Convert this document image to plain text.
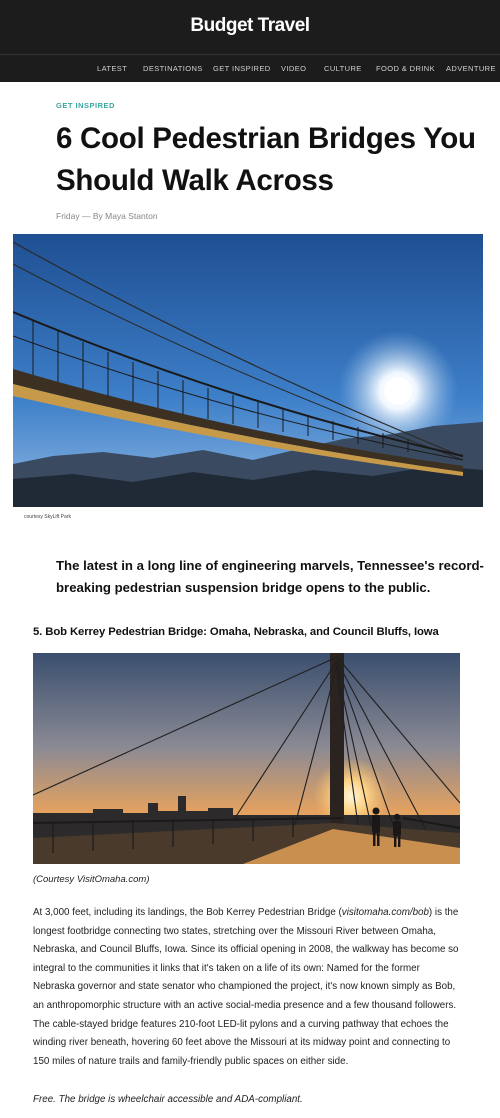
Budget Travel
LATEST DESTINATIONS GET INSPIRED VIDEO CULTURE FOOD & DRINK ADVENTURE
GET INSPIRED
6 Cool Pedestrian Bridges You Should Walk Across
Friday — By Maya Stanton
courtesy SkyLift Park

The latest in a long line of engineering marvels, Tennessee's record-breaking pedestrian suspension bridge opens to the public.

5. Bob Kerrey Pedestrian Bridge: Omaha, Nebraska, and Council Bluffs, Iowa
(Courtesy VisitOmaha.com)

At 3,000 feet, including its landings, the Bob Kerrey Pedestrian Bridge (visitomaha.com/bob) is the longest footbridge connecting two states, stretching over the Missouri River between Omaha, Nebraska, and Council Bluffs, Iowa. Since its official opening in 2008, the walkway has become so integral to the communities it links that it's taken on a life of its own: Named for the former Nebraska governor and state senator who championed the project, it's now known simply as Bob, an anthropomorphic structure with an active social-media presence and a few thousand followers. The cable-stayed bridge features 210-foot LED-lit pylons and a curving pathway that echoes the winding river beneath, hovering 60 feet above the Missouri at its midway point and connecting to 150 miles of nature trails and family-friendly public spaces on either side.

Free. The bridge is wheelchair accessible and ADA-compliant.
